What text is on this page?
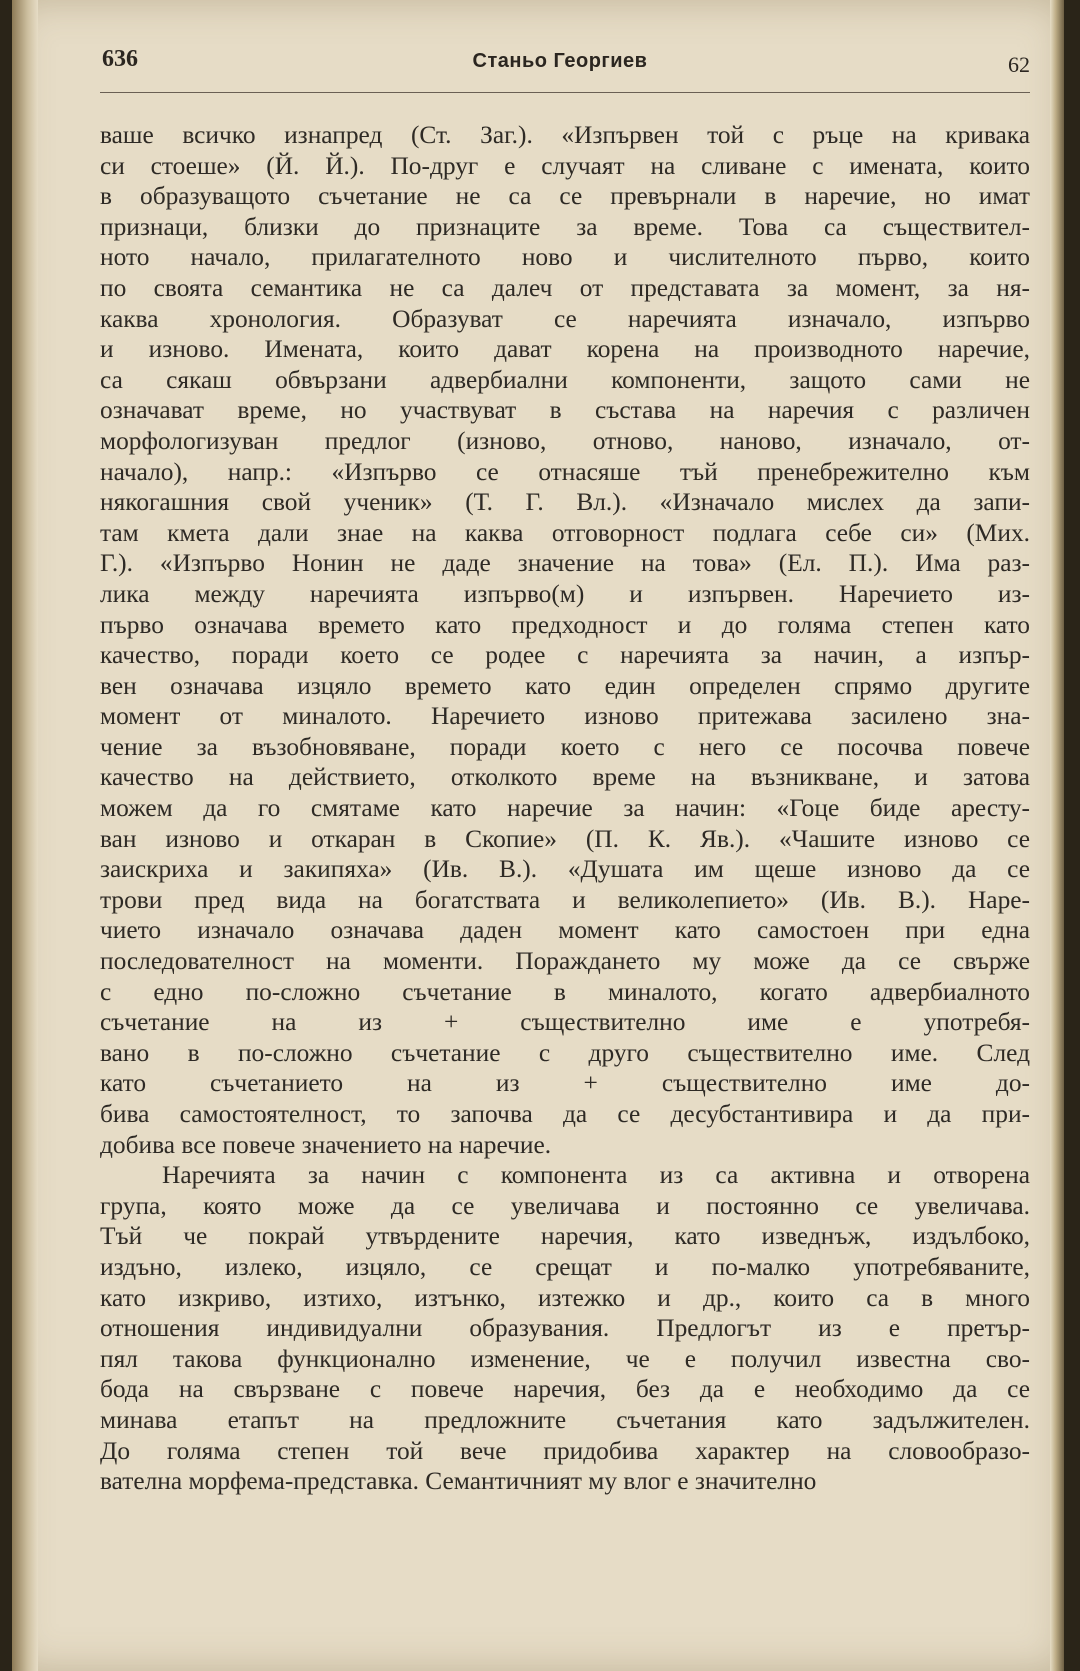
636	Станьо Георгиев	62
ваше всичко изнапред (Ст. Заг.). «Изпървен той с ръце на кривака
си стоеше» (Й. Й.). По-друг е случаят на сливане с имената, които
в образуващото съчетание не са се превърнали в наречие, но имат
признаци, близки до признаците за време. Това са съществител-
ното начало, прилагателното ново и числителното първо, които
по своята семантика не са далеч от представата за момент, за ня-
каква хронология. Образуват се наречията изначало, изпърво
и изново. Имената, които дават корена на производното наречие,
са сякаш обвързани адвербиални компоненти, защото сами не
означават време, но участвуват в състава на наречия с различен
морфологизуван предлог (изново, отново, наново, изначало, от-
начало), напр.: «Изпърво се отнасяше тъй пренебрежително към
някогашния свой ученик» (Т. Г. Вл.). «Изначало мислех да запи-
там кмета дали знае на каква отговорност подлага себе си» (Мих.
Г.). «Изпърво Нонин не даде значение на това» (Ел. П.). Има раз-
лика между наречията изпърво(м) и изпървен. Наречието из-
първо означава времето като предходност и до голяма степен като
качество, поради което се родее с наречията за начин, а изпър-
вен означава изцяло времето като един определен спрямо другите
момент от миналото. Наречието изново притежава засилено зна-
чение за възобновяване, поради което с него се посочва повече
качество на действието, отколкото време на възникване, и затова
можем да го смятаме като наречие за начин: «Гоце биде аресту-
ван изново и откаран в Скопие» (П. К. Яв.). «Чашите изново се
заискриха и закипяха» (Ив. В.). «Душата им щеше изново да се
трови пред вида на богатствата и великолепието» (Ив. В.). Наре-
чието изначало означава даден момент като самостоен при една
последователност на моменти. Пораждането му може да се свърже
с едно по-сложно съчетание в миналото, когато адвербиалното
съчетание на из + съществително име е употребя-
вано в по-сложно съчетание с друго съществително име. След
като съчетанието на из + съществително име до-
бива самостоятелност, то започва да се десубстантивира и да при-
добива все повече значението на наречие.
Наречията за начин с компонента из са активна и отворена
група, която може да се увеличава и постоянно се увеличава.
Тъй че покрай утвърдените наречия, като изведнъж, издълбоко,
издъно, излеко, изцяло, се срещат и по-малко употребяваните,
като изкриво, изтихо, изтънко, изтежко и др., които са в много
отношения индивидуални образувания. Предлогът из е претър-
пял такова функционално изменение, че е получил известна сво-
бода на свързване с повече наречия, без да е необходимо да се
минава етапът на предложните съчетания като задължителен.
До голяма степен той вече придобива характер на словообразо-
вателна морфема-представка. Семантичният му влог е значително
